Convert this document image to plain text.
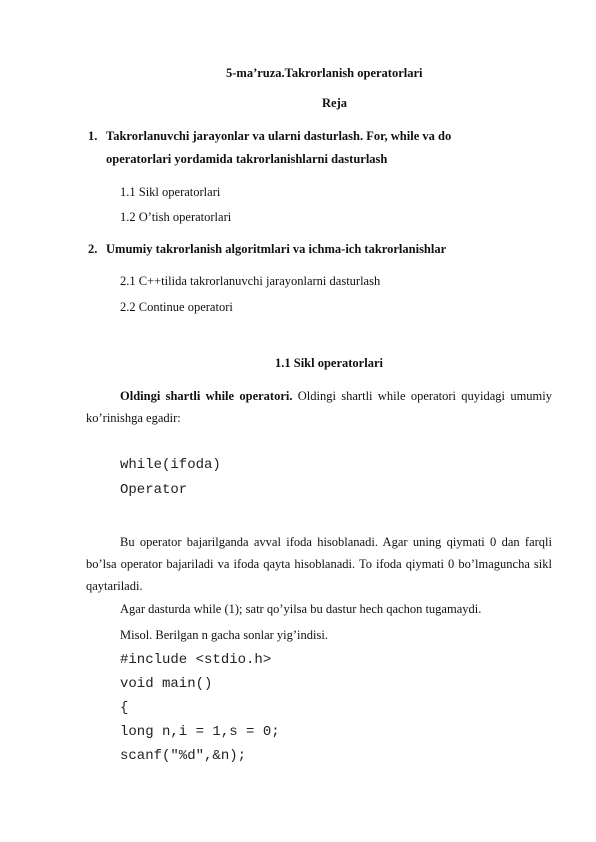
5-ma’ruza.Takrorlanish operatorlari
Reja
1. Takrorlanuvchi jarayonlar va ularni dasturlash. For, while va do
operatorlari yordamida takrorlanishlarni dasturlash
1.1 Sikl operatorlari
1.2 O’tish operatorlari
2. Umumiy takrorlanish algoritmlari va ichma-ich takrorlanishlar
2.1 C++tilida takrorlanuvchi jarayonlarni dasturlash
2.2 Continue operatori
1.1 Sikl operatorlari
Oldingi shartli while operatori. Oldingi shartli while operatori quyidagi umumiy ko’rinishga egadir:
while(ifoda)
Operator
Bu operator bajarilganda avval ifoda hisoblanadi. Agar uning qiymati 0 dan farqli bo’lsa operator bajariladi va ifoda qayta hisoblanadi. To ifoda qiymati 0 bo’lmaguncha sikl qaytariladi.
Agar dasturda while (1); satr qo’yilsa bu dastur hech qachon tugamaydi.
Misol. Berilgan n gacha sonlar yig’indisi.
#include <stdio.h>
void main()
{
long n,i = 1,s = 0;
scanf("%d",&n);
